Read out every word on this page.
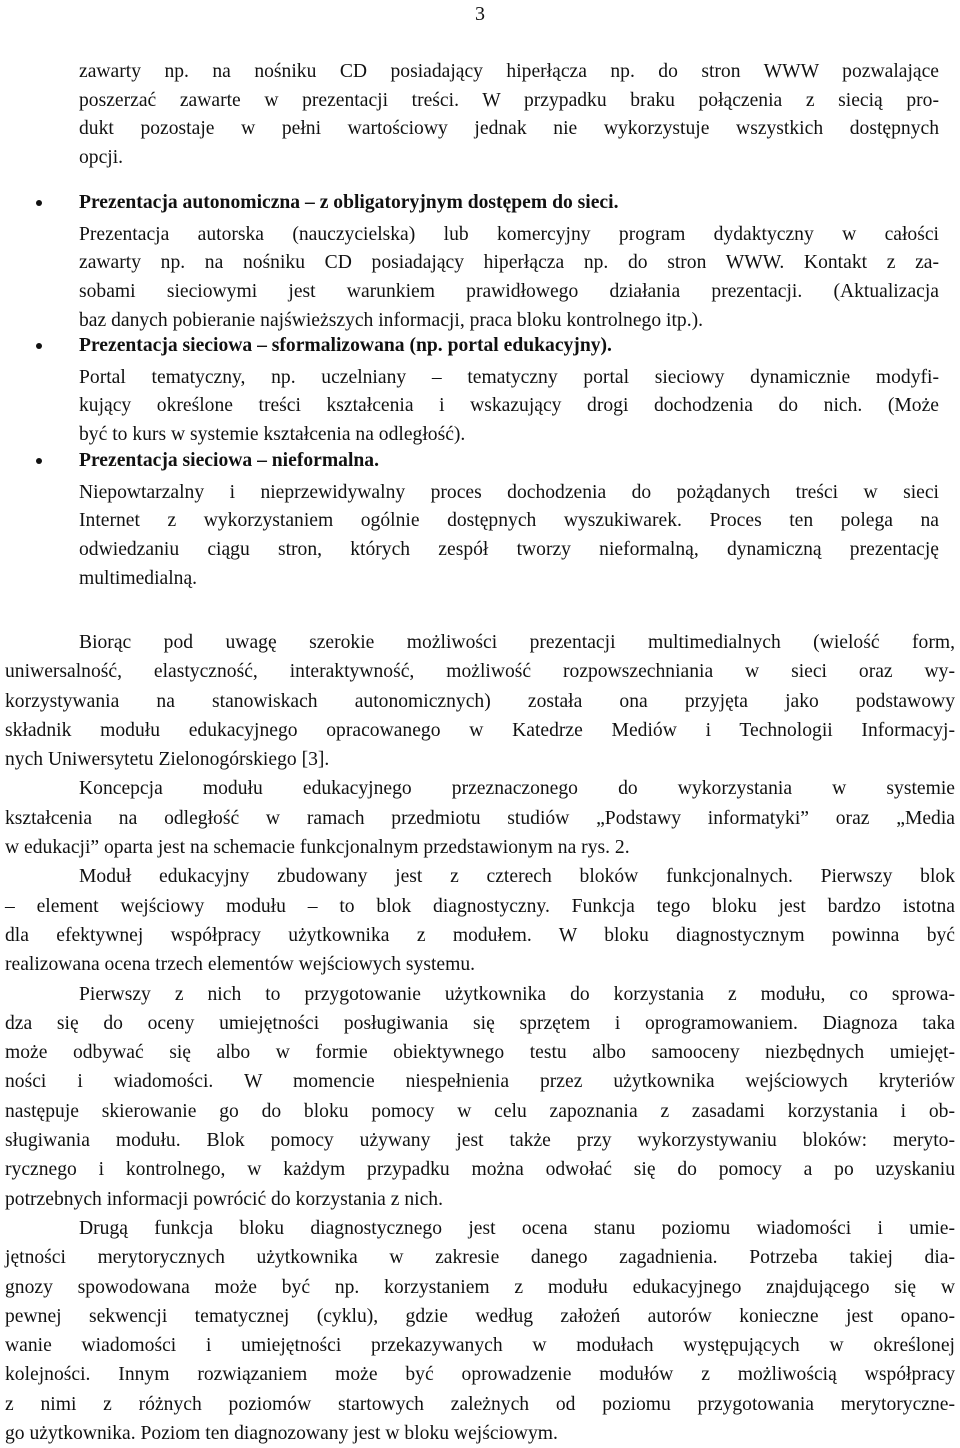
3
zawarty np. na nośniku CD posiadający hiperłącza np. do stron WWW pozwalające
poszerzać zawarte w prezentacji treści. W przypadku braku połączenia z siecią pro-
dukt pozostaje w pełni wartościowy jednak nie wykorzystuje wszystkich dostępnych
opcji.
Prezentacja autonomiczna – z obligatoryjnym dostępem do sieci.
Prezentacja autorska (nauczycielska) lub komercyjny program dydaktyczny w całości
zawarty np. na nośniku CD posiadający hiperłącza np. do stron WWW. Kontakt z za-
sobami sieciowymi jest warunkiem prawidłowego działania prezentacji. (Aktualizacja
baz danych pobieranie najświeższych informacji, praca bloku kontrolnego itp.).
Prezentacja sieciowa – sformalizowana (np. portal edukacyjny).
Portal tematyczny, np. uczelniany – tematyczny portal sieciowy dynamicznie modyfi-
kujący określone treści kształcenia i wskazujący drogi dochodzenia do nich. (Może
być to kurs w systemie kształcenia na odległość).
Prezentacja sieciowa – nieformalna.
Niepowtarzalny i nieprzewidywalny proces dochodzenia do pożądanych treści w sieci
Internet z wykorzystaniem ogólnie dostępnych wyszukiwarek. Proces ten polega na
odwiedzaniu ciągu stron, których zespół tworzy nieformalną, dynamiczną prezentację
multimedialną.
Biorąc pod uwagę szerokie możliwości prezentacji multimedialnych (wielość form,
uniwersalność, elastyczność, interaktywność, możliwość rozpowszechniania w sieci oraz wy-
korzystywania na stanowiskach autonomicznych) została ona przyjęta jako podstawowy
składnik modułu edukacyjnego opracowanego w Katedrze Mediów i Technologii Informacyj-
nych Uniwersytetu Zielonogórskiego [3].
Koncepcja modułu edukacyjnego przeznaczonego do wykorzystania w systemie
kształcenia na odległość w ramach przedmiotu studiów „Podstawy informatyki” oraz „Media
w edukacji” oparta jest na schemacie funkcjonalnym przedstawionym na rys. 2.
Moduł edukacyjny zbudowany jest z czterech bloków funkcjonalnych. Pierwszy blok
– element wejściowy modułu – to blok diagnostyczny. Funkcja tego bloku jest bardzo istotna
dla efektywnej współpracy użytkownika z modułem. W bloku diagnostycznym powinna być
realizowana ocena trzech elementów wejściowych systemu.
Pierwszy z nich to przygotowanie użytkownika do korzystania z modułu, co sprowa-
dza się do oceny umiejętności posługiwania się sprzętem i oprogramowaniem. Diagnoza taka
może odbywać się albo w formie obiektywnego testu albo samooceny niezbędnych umiejęt-
ności i wiadomości. W momencie niespełnienia przez użytkownika wejściowych kryteriów
następuje skierowanie go do bloku pomocy w celu zapoznania z zasadami korzystania i ob-
sługiwania modułu. Blok pomocy używany jest także przy wykorzystywaniu bloków: meryto-
rycznego i kontrolnego, w każdym przypadku można odwołać się do pomocy a po uzyskaniu
potrzebnych informacji powrócić do korzystania z nich.
Drugą funkcja bloku diagnostycznego jest ocena stanu poziomu wiadomości i umie-
jętności merytorycznych użytkownika w zakresie danego zagadnienia. Potrzeba takiej dia-
gnozy spowodowana może być np. korzystaniem z modułu edukacyjnego znajdującego się w
pewnej sekwencji tematycznej (cyklu), gdzie według założeń autorów konieczne jest opano-
wanie wiadomości i umiejętności przekazywanych w modułach występujących w określonej
kolejności. Innym rozwiązaniem może być oprowadzenie modułów z możliwością współpracy
z nimi z różnych poziomów startowych zależnych od poziomu przygotowania merytoryczne-
go użytkownika. Poziom ten diagnozowany jest w bloku wejściowym.
